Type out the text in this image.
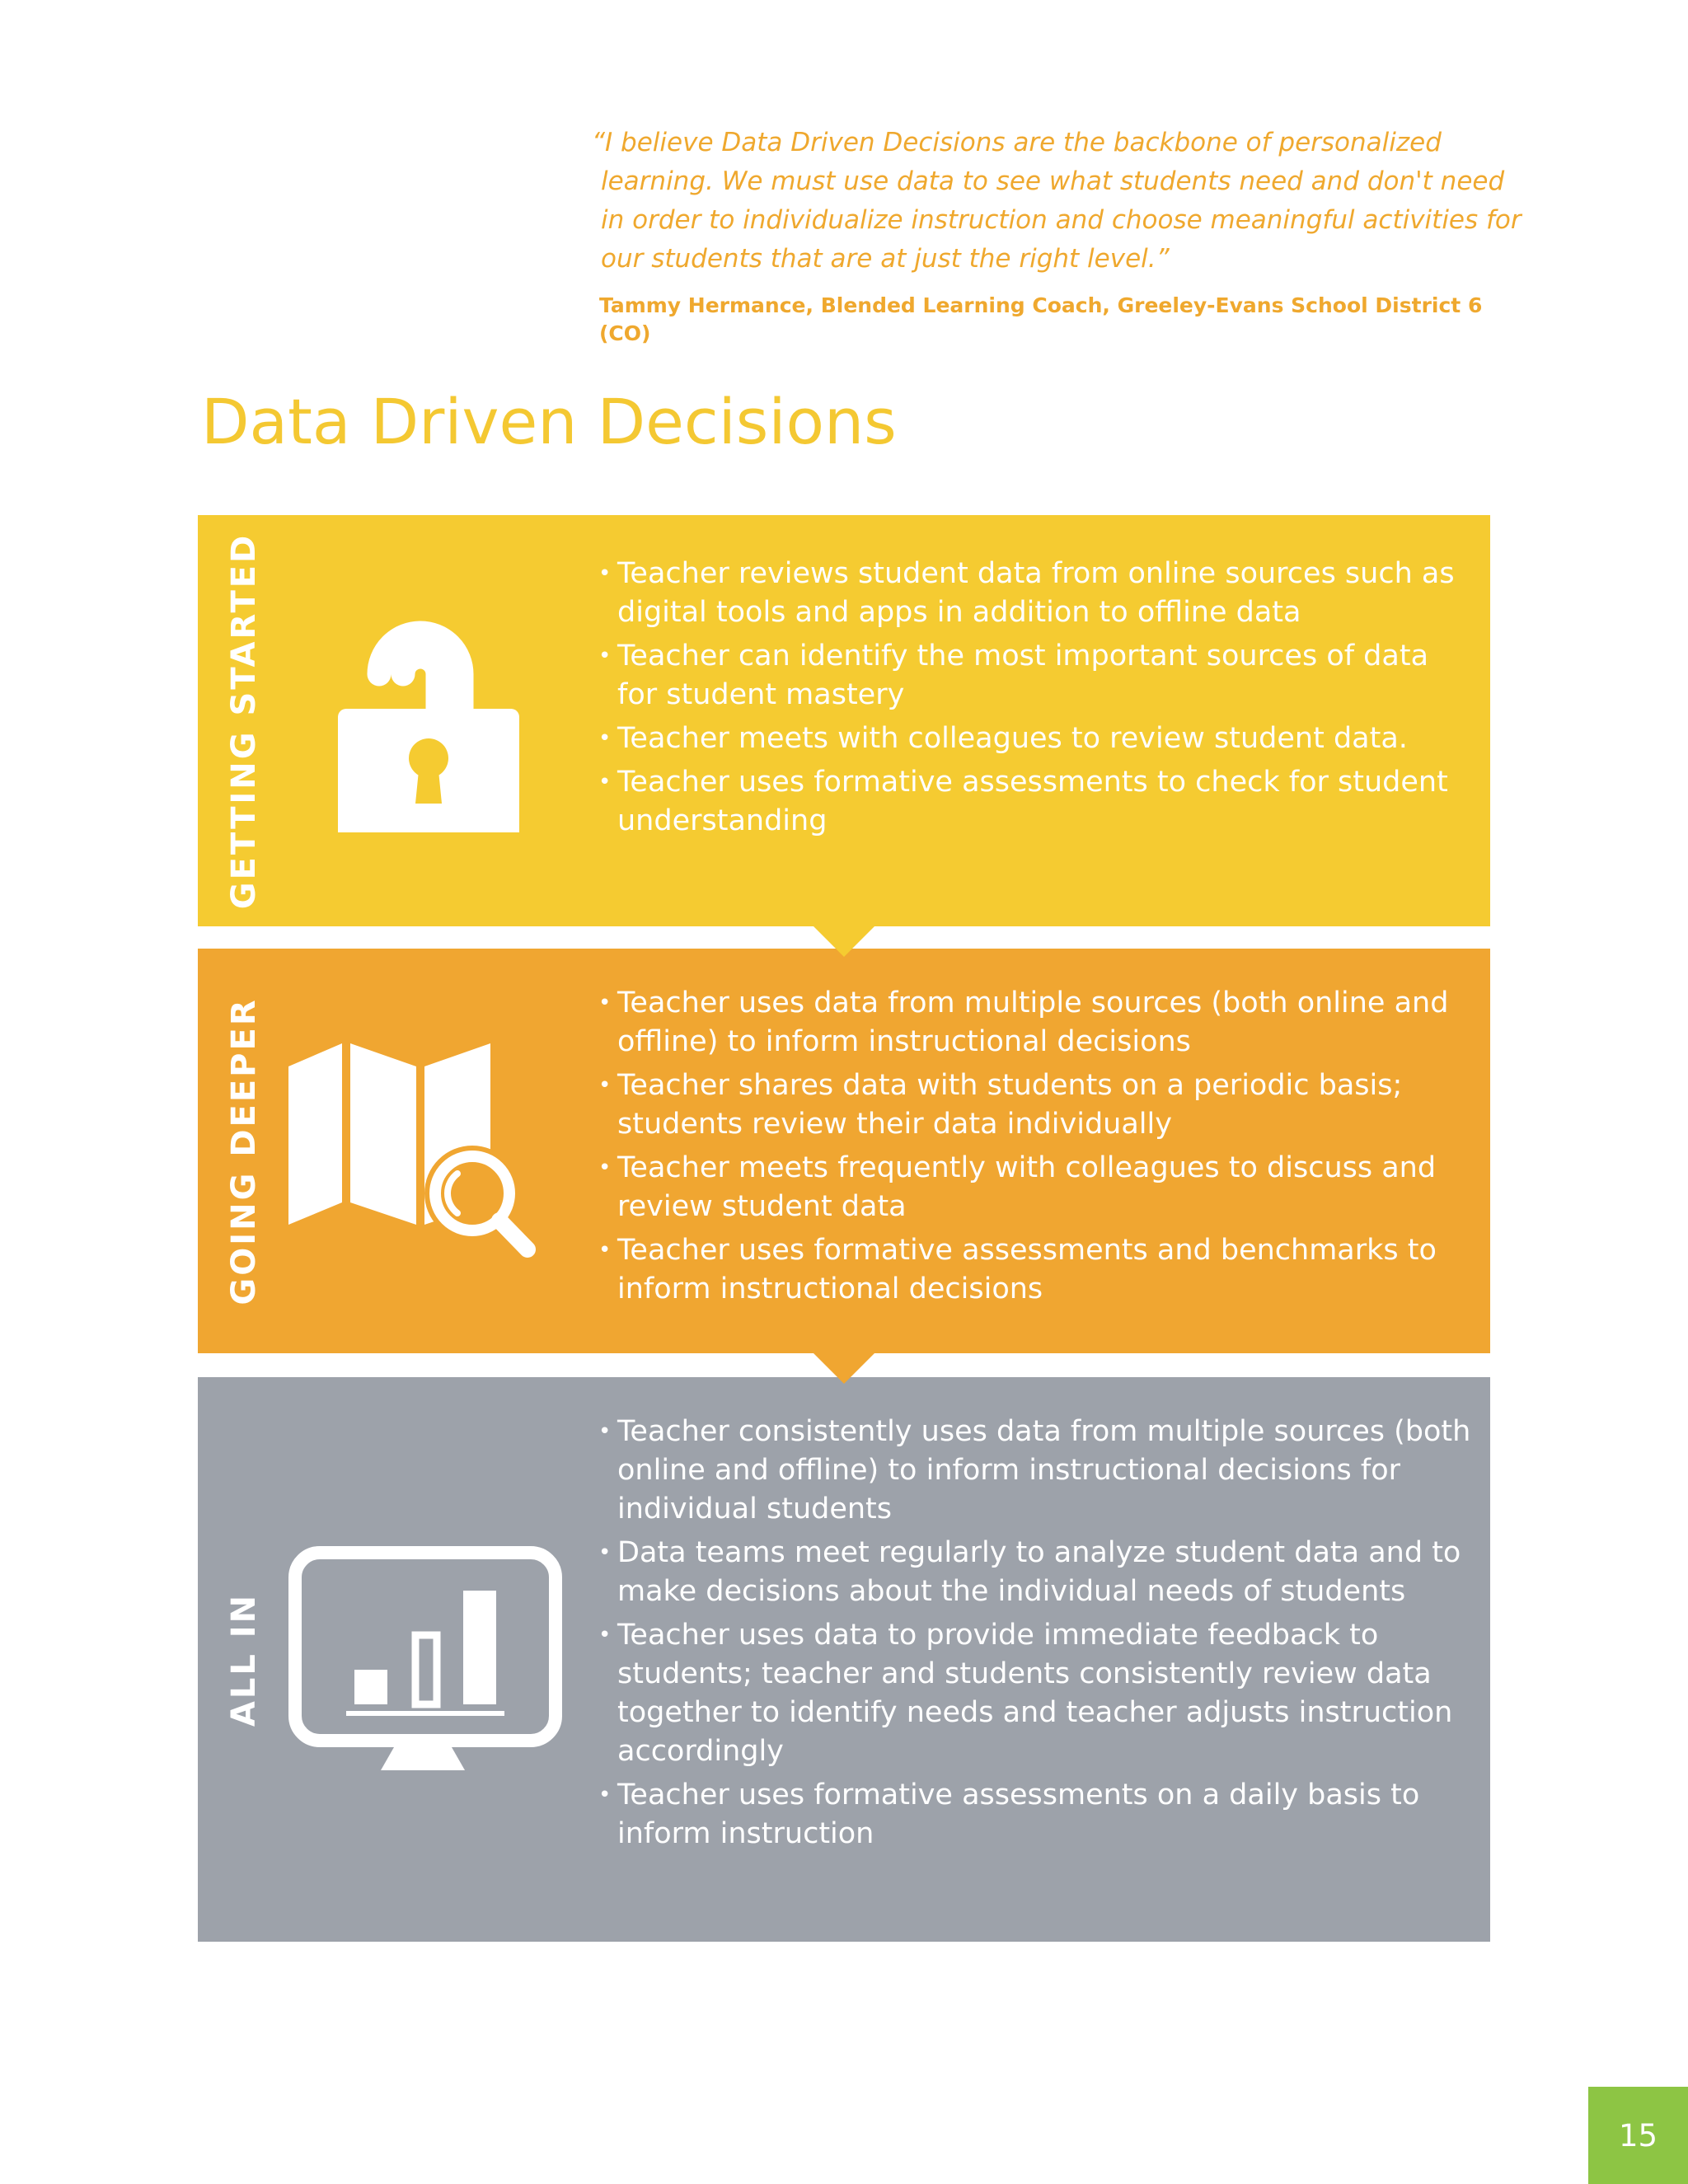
“I believe Data Driven Decisions are the backbone of personalized learning. We must use data to see what students need and don't need in order to individualize instruction and choose meaningful activities for our students that are at just the right level.”

Tammy Hermance, Blended Learning Coach, Greeley-Evans School District 6 (CO)
Data Driven Decisions
GETTING STARTED	• Teacher reviews student data from online sources such as digital tools and apps in addition to offline data
• Teacher can identify the most important sources of data for student mastery
• Teacher meets with colleagues to review student data.
• Teacher uses formative assessments to check for student understanding
GOING DEEPER	• Teacher uses data from multiple sources (both online and offline) to inform instructional decisions
• Teacher shares data with students on a periodic basis; students review their data individually
• Teacher meets frequently with colleagues to discuss and review student data
• Teacher uses formative assessments and benchmarks to inform instructional decisions
ALL IN
• Teacher consistently uses data from multiple sources (both online and offline) to inform instructional decisions for individual students
• Data teams meet regularly to analyze student data and to make decisions about the individual needs of students
• Teacher uses data to provide immediate feedback to students; teacher and students consistently review data together to identify needs and teacher adjusts instruction accordingly
• Teacher uses formative assessments on a daily basis to inform instruction
15
